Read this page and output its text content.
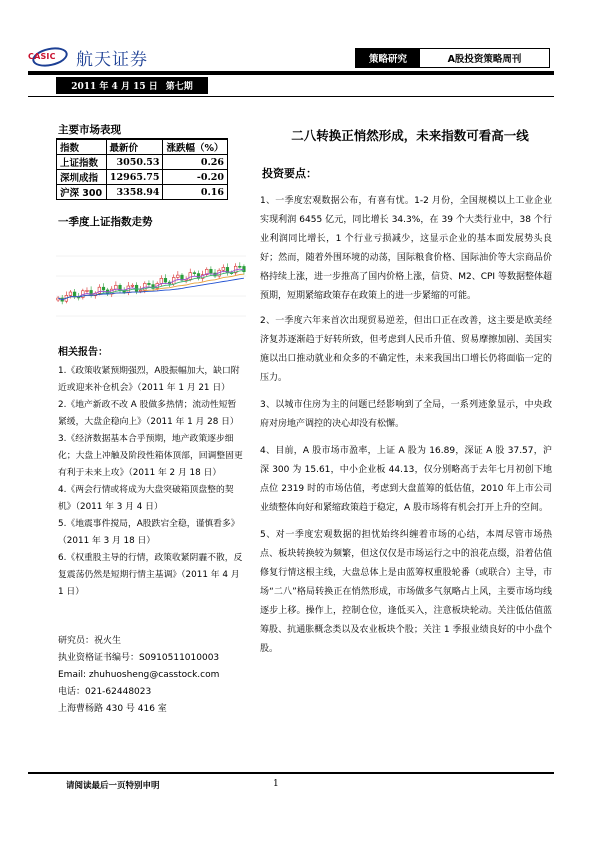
CASIC 航天证券	策略研究	A股投资策略周刊
2011 年 4 月 15 日 第七期
主要市场表现
指数	最新价	涨跌幅（%）
上证指数	3050.53	0.26
深圳成指	12965.75	-0.20
沪深 300	3358.94	0.16
一季度上证指数走势
相关报告：
1.《政策收紧预期强烈，A股振幅加大，缺口附近或迎来补仓机会》（2011 年 1 月 21 日）
2.《地产新政不改 A 股做多热情；流动性短暂紧缓，大盘企稳向上》（2011 年 1 月 28 日）
3.《经济数据基本合乎预期，地产政策逐步细化；大盘上冲触及阶段性箱体顶部，回调整固更有利于未来上攻》（2011 年 2 月 18 日）
4.《两会行情或将成为大盘突破箱顶盘整的契机》（2011 年 3 月 4 日）
5.《地震事件搅局，A股跌宕全稳，谨慎看多》（2011 年 3 月 18 日）
6.《权重股主导的行情，政策收紧阴霾不散，反复震荡仍然是短期行情主基调》（2011 年 4 月 1 日）
研究员：祝火生
执业资格证书编号：S0910511010003
Email: zhuhuosheng@casstock.com
电话：021-62448023
上海曹杨路 430 号 416 室
二八转换正悄然形成，未来指数可看高一线
投资要点：

1、一季度宏观数据公布，有喜有忧。1-2 月份，全国规模以上工业企业实现利润 6455 亿元，同比增长 34.3%，在 39 个大类行业中，38 个行业利润同比增长，1 个行业亏损减少，这显示企业的基本面发展势头良好；然而，随着外围环境的动荡，国际粮食价格、国际油价等大宗商品价格持续上涨，进一步推高了国内价格上涨，信贷、M2、CPI 等数据整体超预期，短期紧缩政策存在政策上的进一步紧缩的可能。

2、一季度六年来首次出现贸易逆差，但出口正在改善，这主要是欧美经济复苏逐渐趋于好转所致，但考虑到人民币升值、贸易摩擦加剧、美国实施以出口推动就业和众多的不确定性，未来我国出口增长仍将面临一定的压力。

3、以城市住房为主的问题已经影响到了全局，一系列迹象显示，中央政府对房地产调控的决心却没有松懈。

4、目前，A 股市场市盈率，上证 A 股为 16.89，深证 A 股 37.57，沪深 300 为 15.61，中小企业板 44.13，仅分别略高于去年七月初创下地点位 2319 时的市场估值，考虑到大盘蓝筹的低估值，2010 年上市公司业绩整体向好和紧缩政策趋于稳定，A 股市场将有机会打开上升的空间。

5、对一季度宏观数据的担忧始终纠缠着市场的心结，本周尽管市场热点、板块转换较为频繁，但这仅仅是市场运行之中的浪花点缀，沿着估值修复行情这根主线，大盘总体上是由蓝筹权重股轮番（或联合）主导，市场“二八”格局转换正在悄然形成，市场做多气氛略占上风，主要市场均线逐步上移。操作上，控制仓位，逢低买入，注意板块轮动。关注低估值蓝筹股、抗通胀概念类以及农业板块个股；关注 1 季报业绩良好的中小盘个股。

请阅读最后一页特别申明	1
